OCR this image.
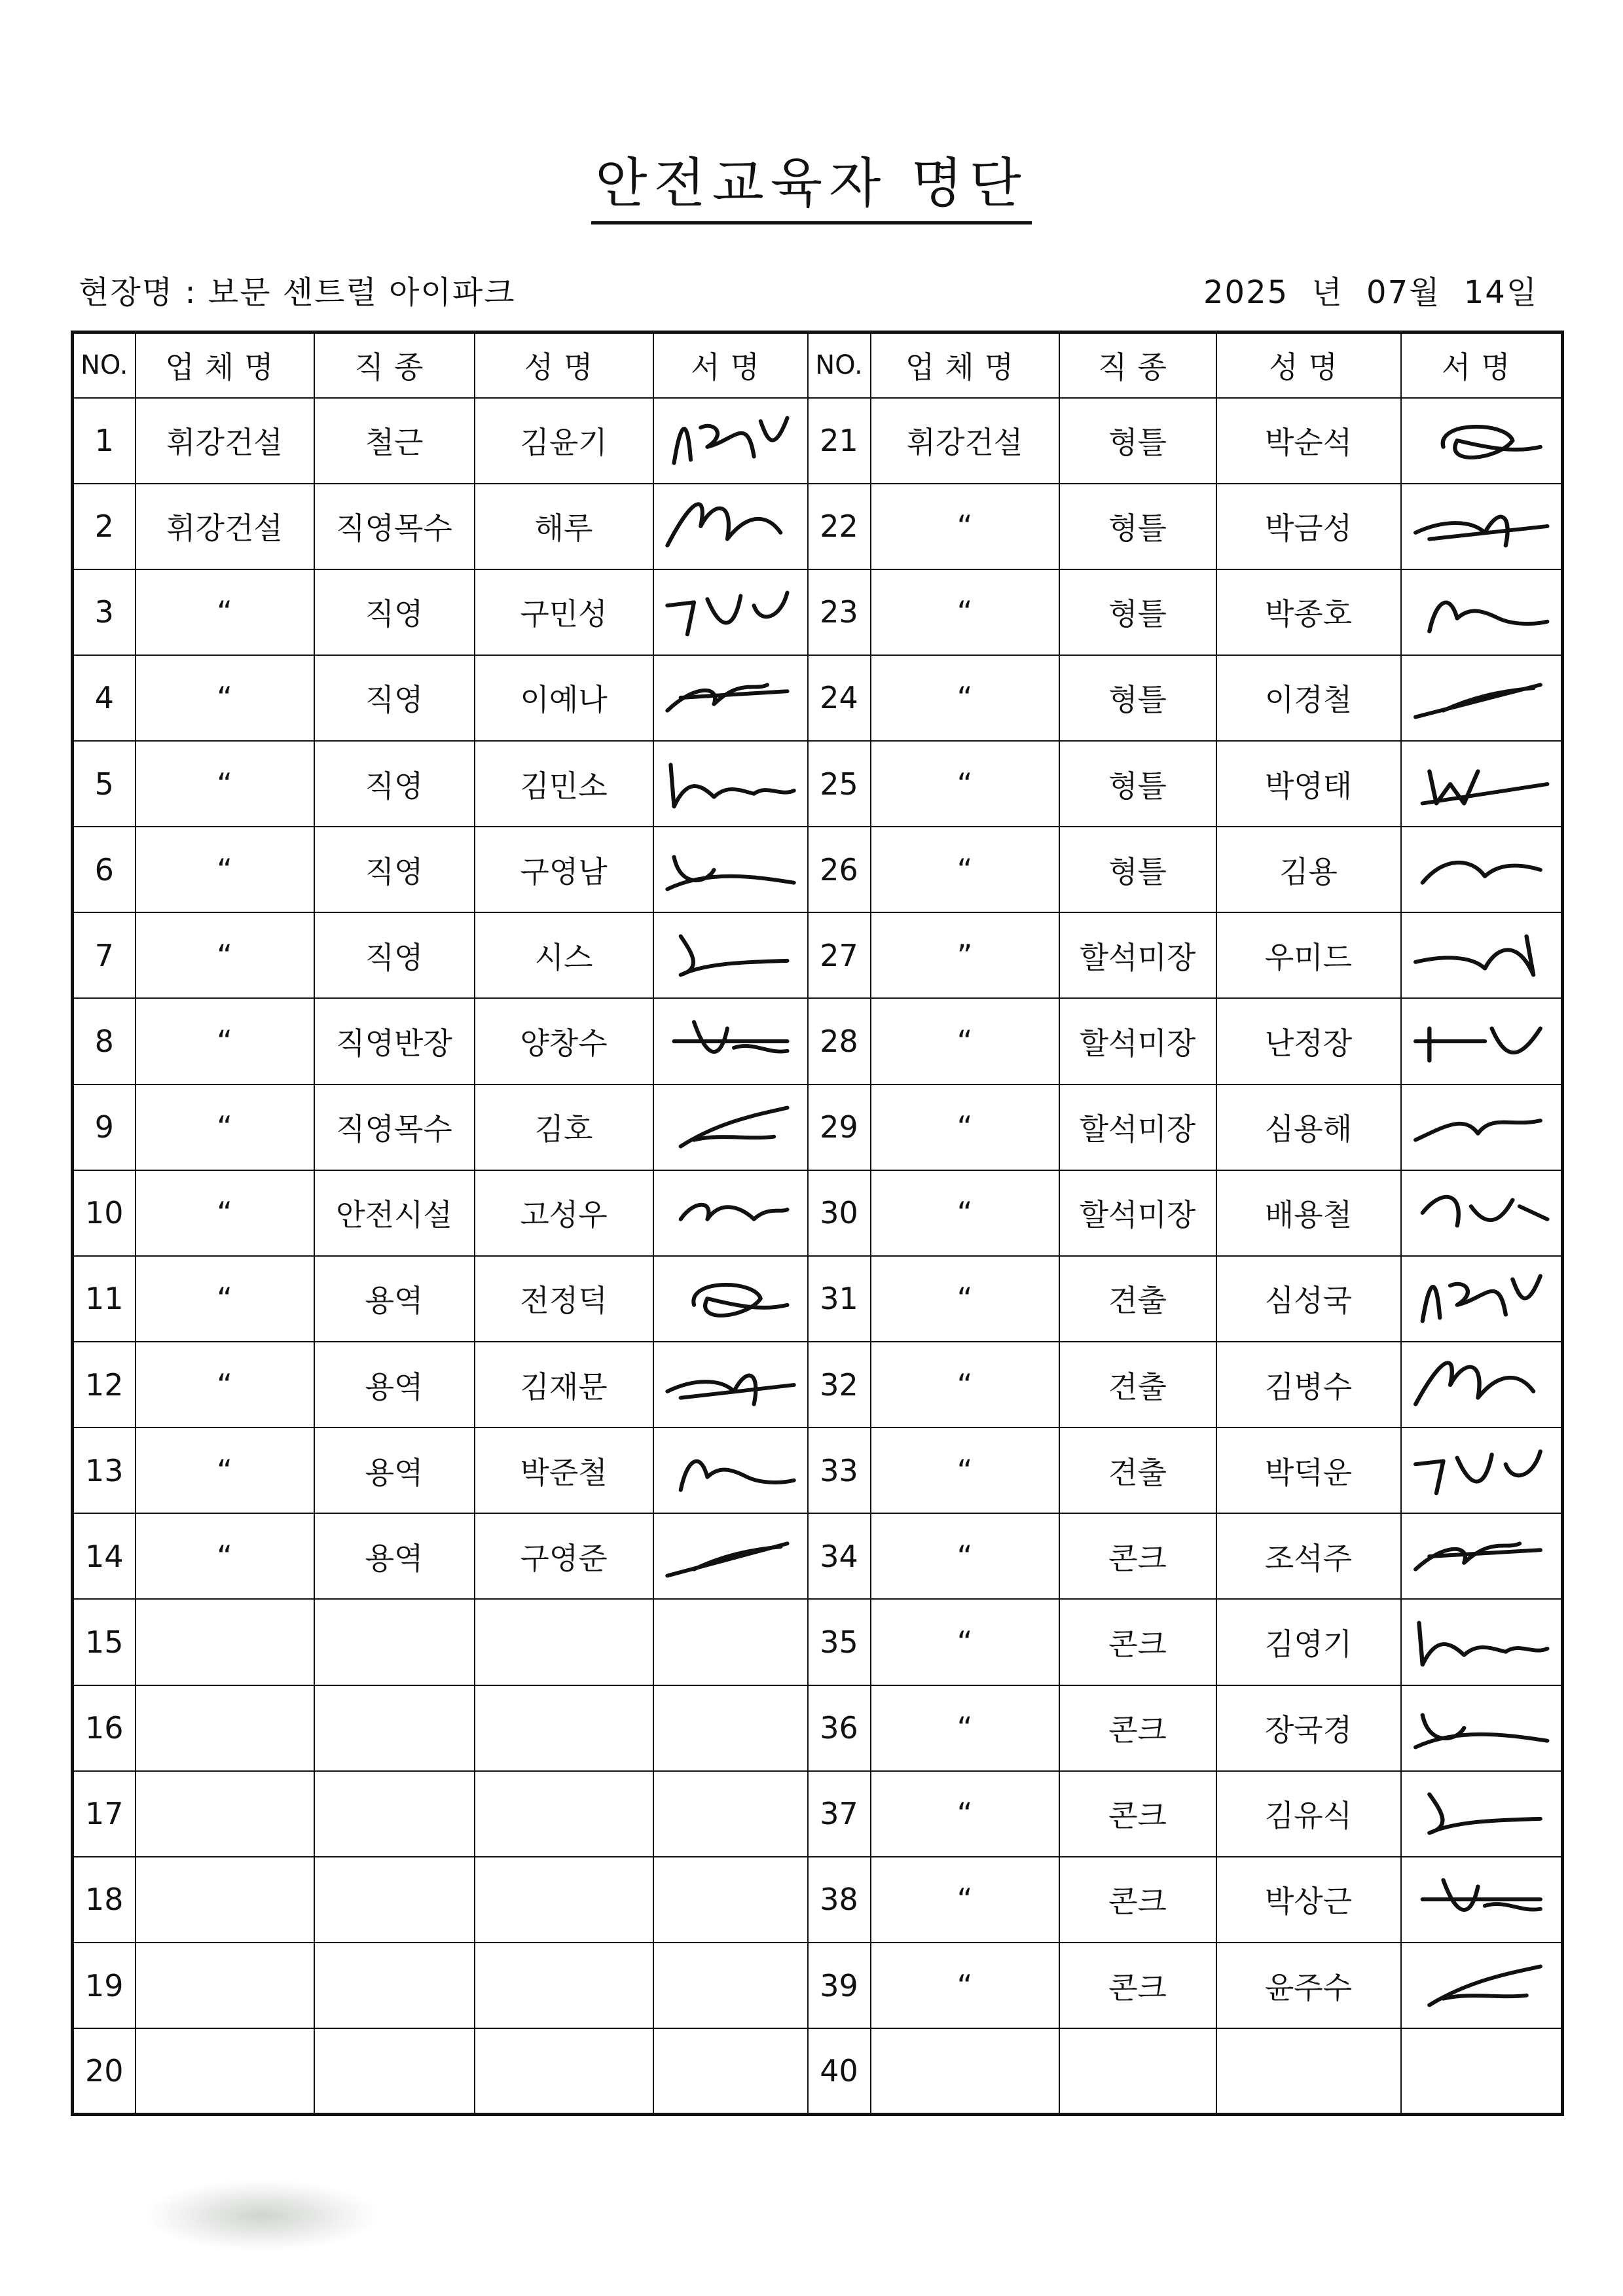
안전교육자 명단
현장명 : 보문 센트럴 아이파크	2025 년 07월 14일
NO.	업체명	직종	성명	서명	NO.	업체명	직종	성명	서명
1	휘강건설	철근	김윤기		21	휘강건설	형틀	박순석	

2	휘강건설	직영목수	해루		22	“	형틀	박금성	

3	“	직영	구민성		23	“	형틀	박종호	

4	“	직영	이예나		24	“	형틀	이경철	

5	“	직영	김민소		25	“	형틀	박영태	

6	“	직영	구영남		26	“	형틀	김용	

7	“	직영	시스		27	”	할석미장	우미드	

8	“	직영반장	양창수		28	“	할석미장	난정장	

9	“	직영목수	김호		29	“	할석미장	심용해	

10	“	안전시설	고성우		30	“	할석미장	배용철	

11	“	용역	전정덕		31	“	견출	심성국	

12	“	용역	김재문		32	“	견출	김병수	

13	“	용역	박준철		33	“	견출	박덕운	

14	“	용역	구영준		34	“	콘크	조석주	

15					35	“	콘크	김영기	

16					36	“	콘크	장국경	

17					37	“	콘크	김유식	

18					38	“	콘크	박상근	

19					39	“	콘크	윤주수	

20					40				
